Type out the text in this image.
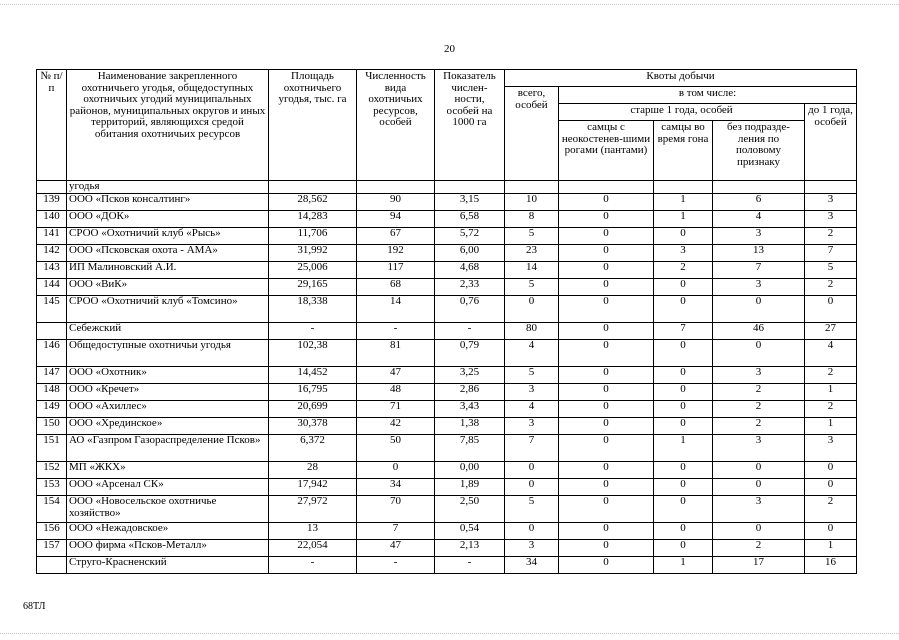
20
№ п/п	Наименование закрепленного охотничьего угодья, общедоступных охотничьих угодий муниципальных районов, муниципальных округов и иных территорий, являющихся средой обитания охотничьих ресурсов	Площадь охотничьего угодья, тыс. га	Численность вида охотничьих ресурсов, особей	Показатель числен-ности, особей на 1000 га	Квоты добычи				
					всего, особей	в том числе:			
						старше 1 года, особей			до 1 года, особей
						самцы с неокостенев-шими рогами (пантами)	самцы во время гона	без подразде-ления по половому признаку	
	угодья								
139	ООО «Псков консалтинг»	28,562	90	3,15	10	0	1	6	3
140	ООО «ДОК»	14,283	94	6,58	8	0	1	4	3
141	СРОО «Охотничий клуб «Рысь»	11,706	67	5,72	5	0	0	3	2
142	ООО «Псковская охота - АМА»	31,992	192	6,00	23	0	3	13	7
143	ИП Малиновский А.И.	25,006	117	4,68	14	0	2	7	5
144	ООО «ВиК»	29,165	68	2,33	5	0	0	3	2
145	СРОО «Охотничий клуб «Томсино»	18,338	14	0,76	0	0	0	0	0
	Себежский	-	-	-	80	0	7	46	27
146	Общедоступные охотничьи угодья	102,38	81	0,79	4	0	0	0	4
147	ООО «Охотник»	14,452	47	3,25	5	0	0	3	2
148	ООО «Кречет»	16,795	48	2,86	3	0	0	2	1
149	ООО «Ахиллес»	20,699	71	3,43	4	0	0	2	2
150	ООО «Хрединское»	30,378	42	1,38	3	0	0	2	1
151	АО «Газпром Газораспределение Псков»	6,372	50	7,85	7	0	1	3	3
152	МП «ЖКХ»	28	0	0,00	0	0	0	0	0
153	ООО «Арсенал СК»	17,942	34	1,89	0	0	0	0	0
154	ООО «Новосельское охотничье хозяйство»	27,972	70	2,50	5	0	0	3	2
156	ООО «Нежадовское»	13	7	0,54	0	0	0	0	0
157	ООО фирма «Псков-Металл»	22,054	47	2,13	3	0	0	2	1
	Струго-Красненский	-	-	-	34	0	1	17	16
68ТЛ
